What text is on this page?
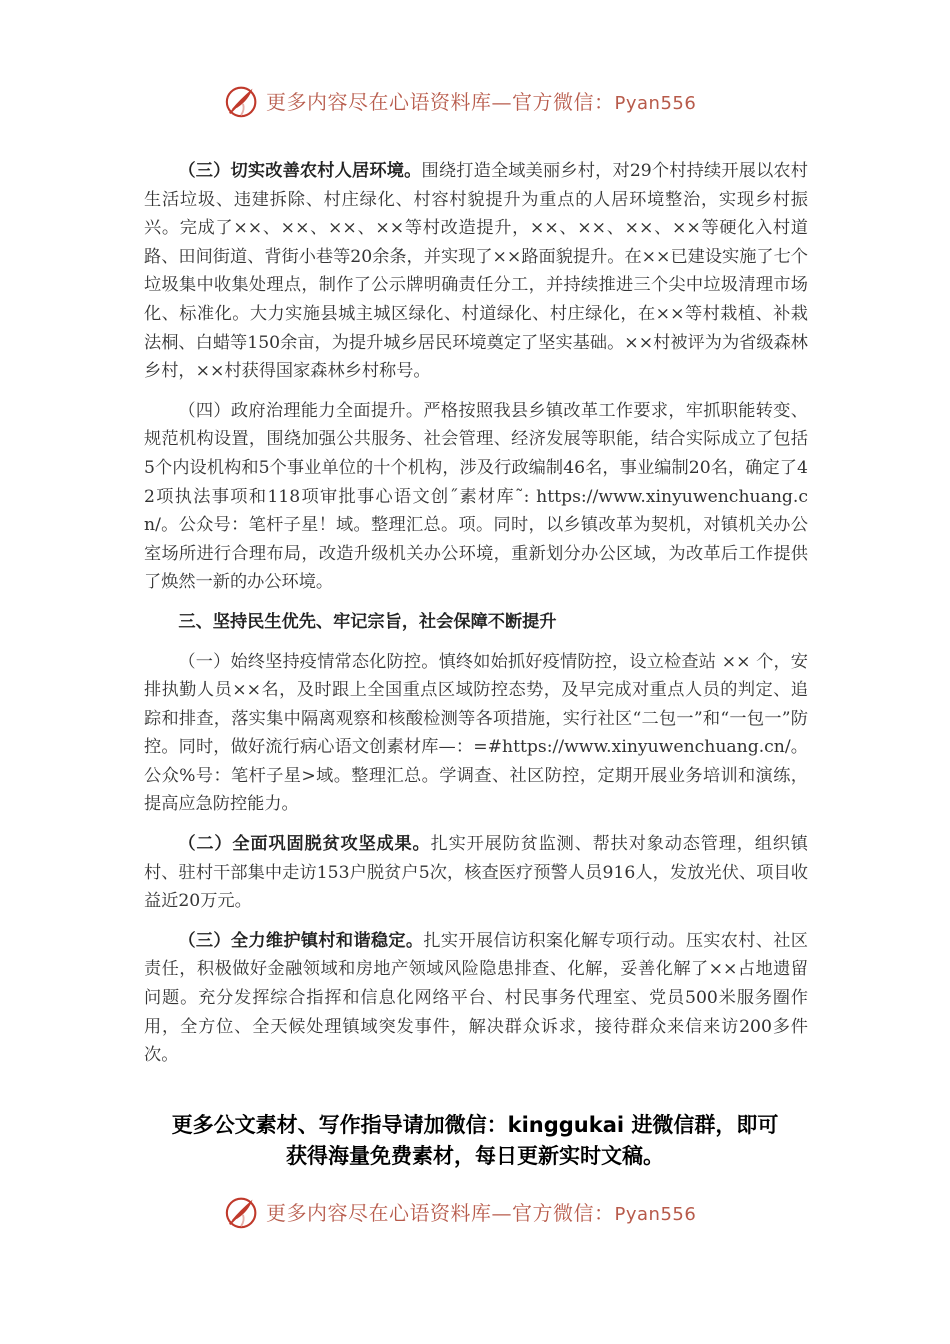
更多内容尽在心语资料库—官方微信：Pyan556

（三）切实改善农村人居环境。围绕打造全域美丽乡村，对29个村持续开展以农村生活垃圾、违建拆除、村庄绿化、村容村貌提升为重点的人居环境整治，实现乡村振兴。完成了××、××、××、××等村改造提升，××、××、××、××等硬化入村道路、田间街道、背街小巷等20余条，并实现了××路面貌提升。在××已建设实施了七个垃圾集中收集处理点，制作了公示牌明确责任分工，并持续推进三个尖中垃圾清理市场化、标准化。大力实施县城主城区绿化、村道绿化、村庄绿化，在××等村栽植、补栽法桐、白蜡等150余亩，为提升城乡居民环境奠定了坚实基础。××村被评为为省级森林乡村，××村获得国家森林乡村称号。

（四）政府治理能力全面提升。严格按照我县乡镇改革工作要求，牢抓职能转变、规范机构设置，围绕加强公共服务、社会管理、经济发展等职能，结合实际成立了包括5个内设机构和5个事业单位的十个机构，涉及行政编制46名，事业编制20名，确定了42项执法事项和118项审批事心语文创˝素材库˜: https://www.xinyuwenchuang.cn/。公众号：笔杆子星！域。整理汇总。项。同时，以乡镇改革为契机，对镇机关办公室场所进行合理布局，改造升级机关办公环境，重新划分办公区域，为改革后工作提供了焕然一新的办公环境。

三、坚持民生优先、牢记宗旨，社会保障不断提升

（一）始终坚持疫情常态化防控。慎终如始抓好疫情防控，设立检查站 ×× 个，安排执勤人员××名，及时跟上全国重点区域防控态势，及早完成对重点人员的判定、追踪和排查，落实集中隔离观察和核酸检测等各项措施，实行社区“二包一”和“一包一”防控。同时，做好流行病心语文创素材库—：=#https://www.xinyuwenchuang.cn/。公众%号：笔杆子星>域。整理汇总。学调查、社区防控，定期开展业务培训和演练，提高应急防控能力。

（二）全面巩固脱贫攻坚成果。扎实开展防贫监测、帮扶对象动态管理，组织镇村、驻村干部集中走访153户脱贫户5次，核查医疗预警人员916人，发放光伏、项目收益近20万元。

（三）全力维护镇村和谐稳定。扎实开展信访积案化解专项行动。压实农村、社区责任，积极做好金融领域和房地产领域风险隐患排查、化解，妥善化解了××占地遗留问题。充分发挥综合指挥和信息化网络平台、村民事务代理室、党员500米服务圈作用，全方位、全天候处理镇域突发事件，解决群众诉求，接待群众来信来访200多件次。

更多公文素材、写作指导请加微信：kinggukai 进微信群，即可
获得海量免费素材，每日更新实时文稿。
更多内容尽在心语资料库—官方微信：Pyan556
